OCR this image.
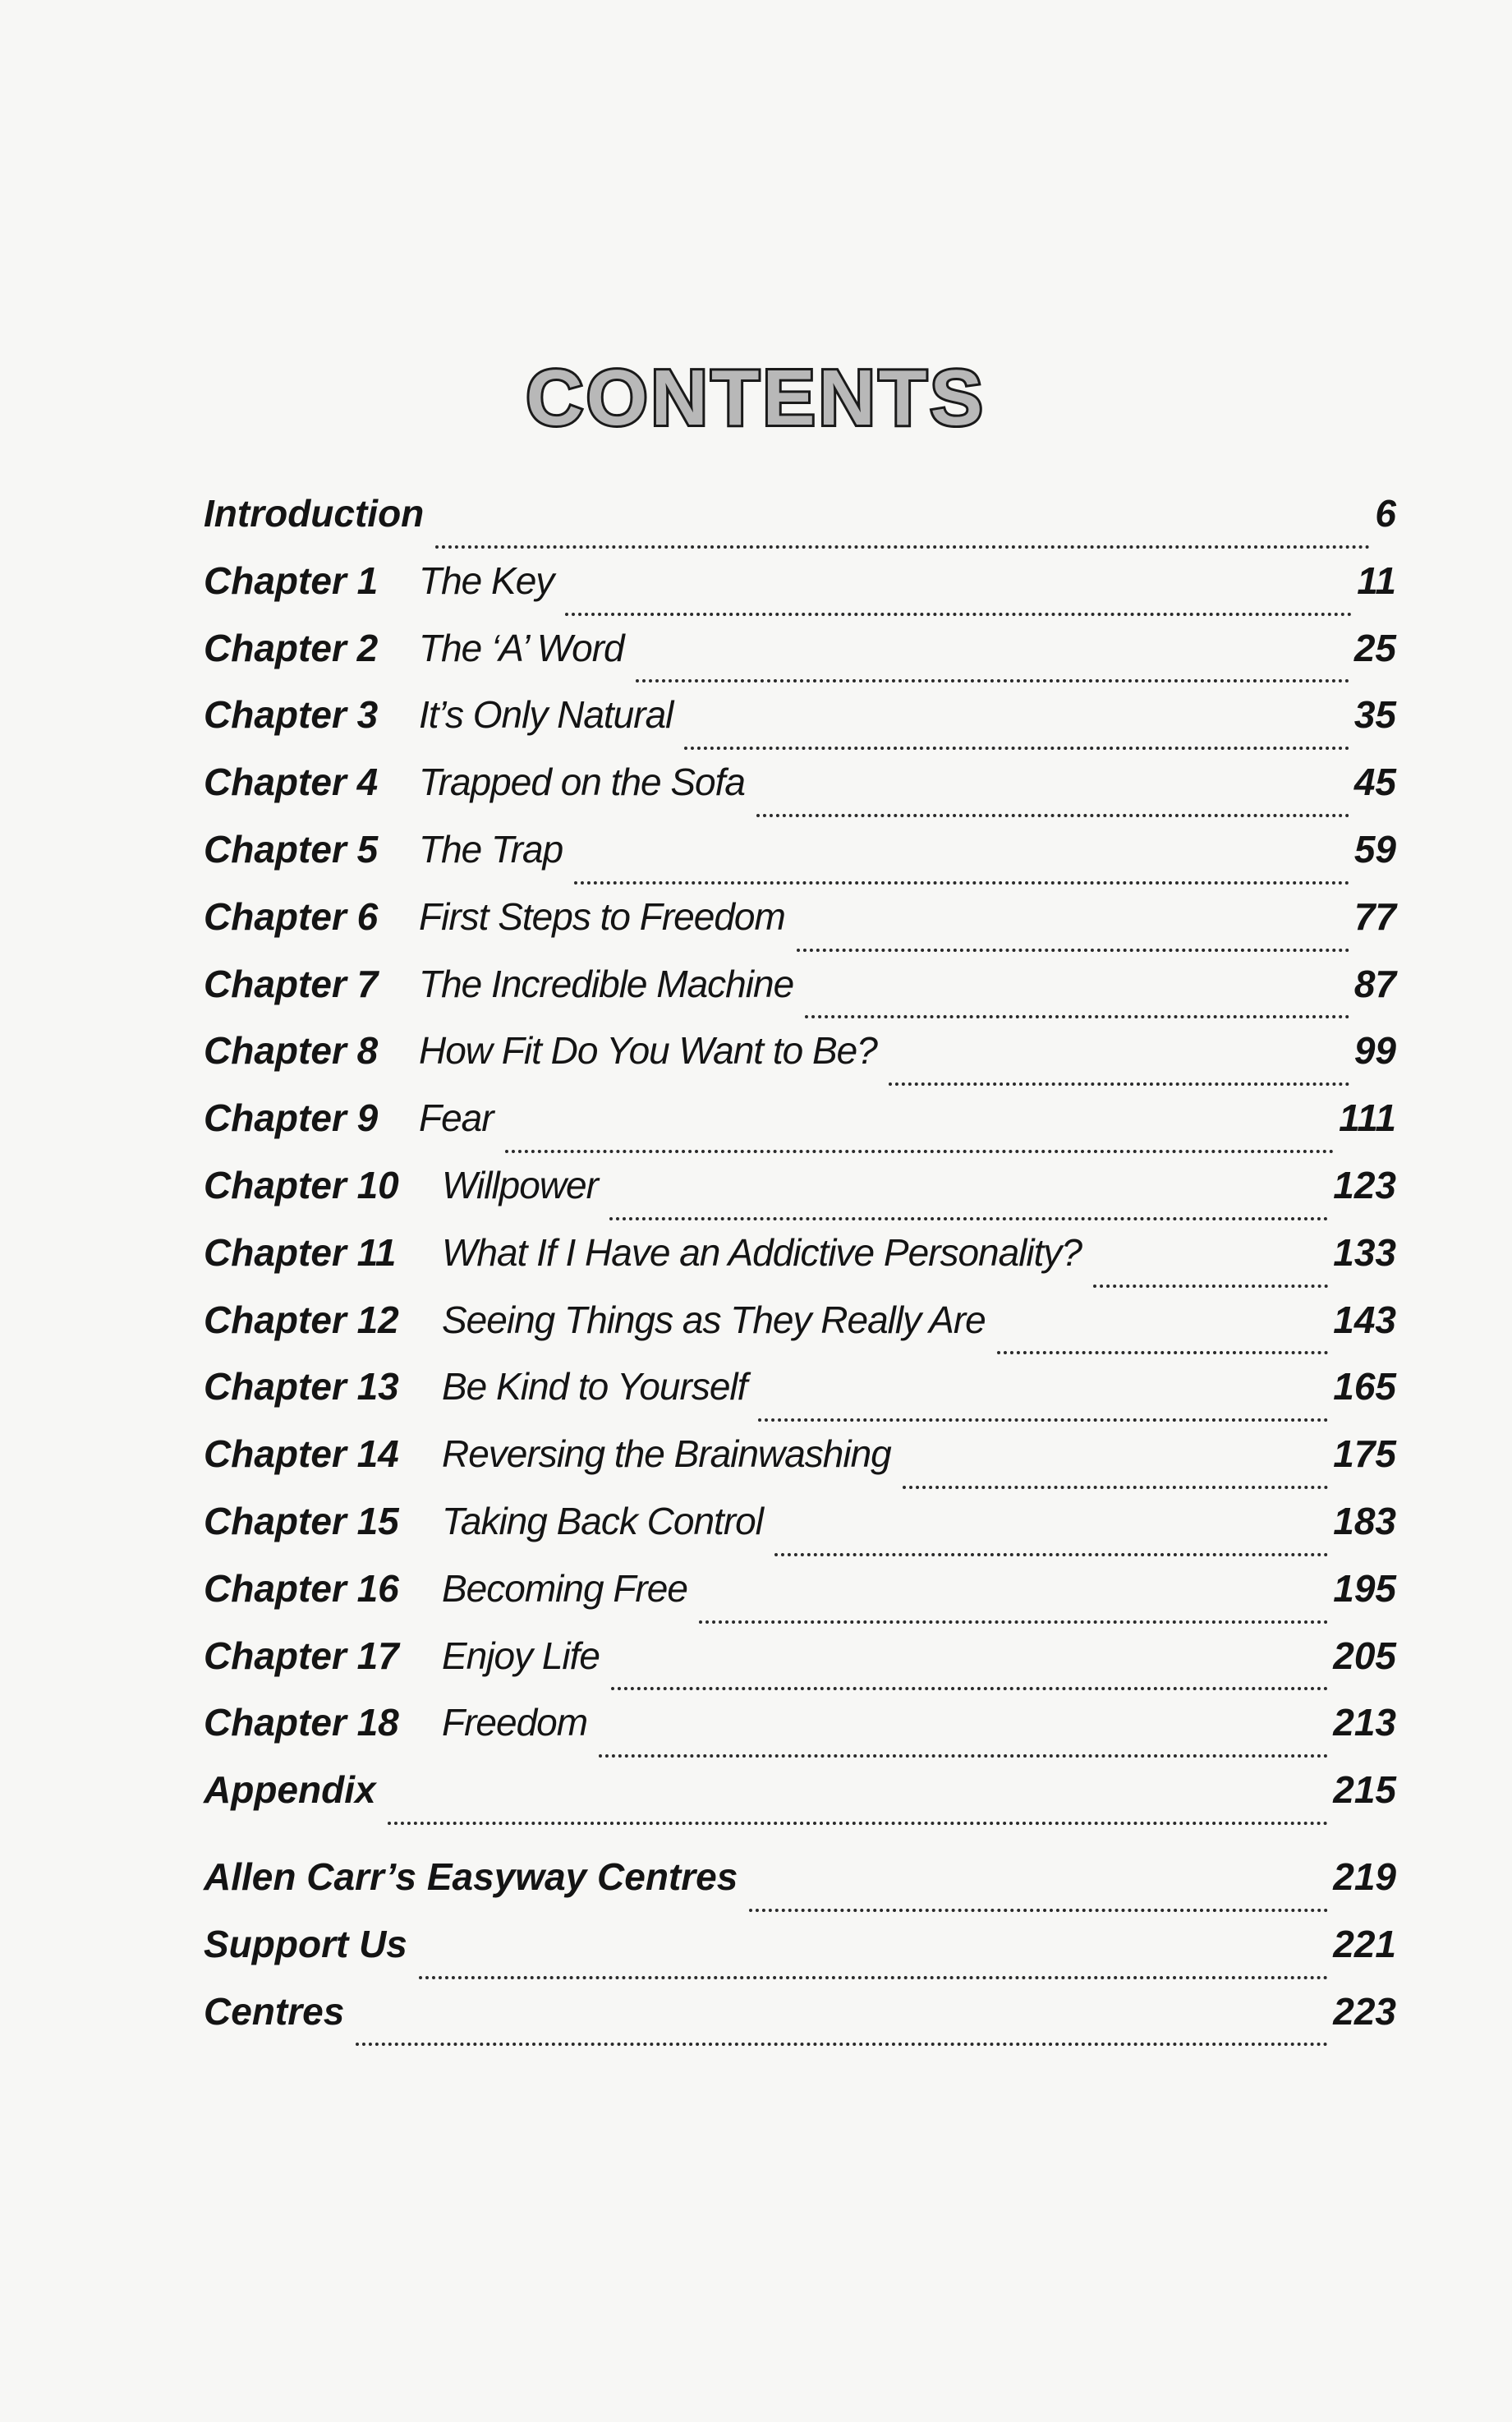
CONTENTS
Introduction	6
Chapter 1	The Key	11
Chapter 2	The ‘A’ Word	25
Chapter 3	It’s Only Natural	35
Chapter 4	Trapped on the Sofa	45
Chapter 5	The Trap	59
Chapter 6	First Steps to Freedom	77
Chapter 7	The Incredible Machine	87
Chapter 8	How Fit Do You Want to Be?	99
Chapter 9	Fear	111
Chapter 10	Willpower	123
Chapter 11	What If I Have an Addictive Personality?	133
Chapter 12	Seeing Things as They Really Are	143
Chapter 13	Be Kind to Yourself	165
Chapter 14	Reversing the Brainwashing	175
Chapter 15	Taking Back Control	183
Chapter 16	Becoming Free	195
Chapter 17	Enjoy Life	205
Chapter 18	Freedom	213
Appendix	215
Allen Carr’s Easyway Centres	219
Support Us	221
Centres	223
